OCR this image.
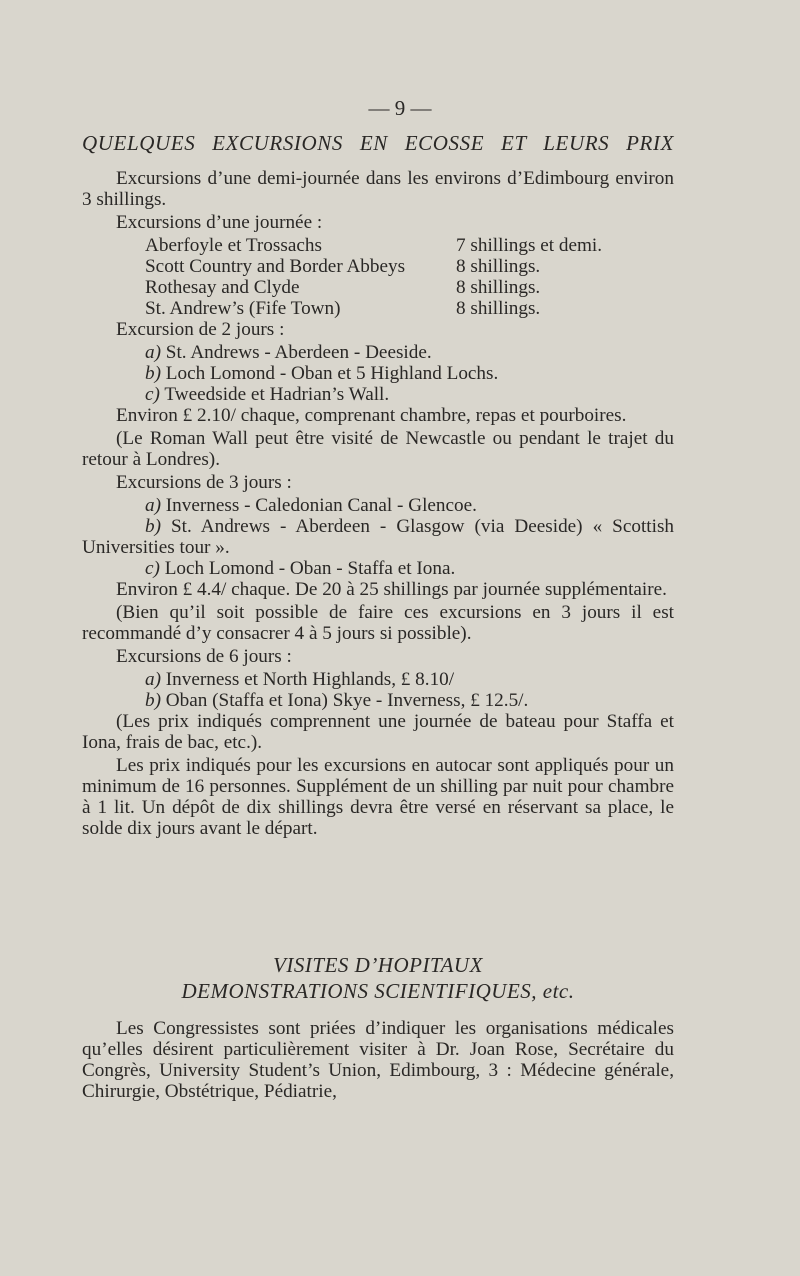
— 9 —
QUELQUES EXCURSIONS EN ECOSSE ET LEURS PRIX

Excursions d’une demi-journée dans les environs d’Edimbourg environ 3 shillings.

Excursions d’une journée :

Aberfoyle et Trossachs	7 shillings et demi.
Scott Country and Border Abbeys	8 shillings.
Rothesay and Clyde	8 shillings.
St. Andrew’s (Fife Town)	8 shillings.

Excursion de 2 jours :

a) St. Andrews - Aberdeen - Deeside.
b) Loch Lomond - Oban et 5 Highland Lochs.
c) Tweedside et Hadrian’s Wall.

Environ £ 2.10/ chaque, comprenant chambre, repas et pourboires.

(Le Roman Wall peut être visité de Newcastle ou pendant le trajet du retour à Londres).

Excursions de 3 jours :

a) Inverness - Caledonian Canal - Glencoe.
b) St. Andrews - Aberdeen - Glasgow (via Deeside) « Scottish Universities tour ».
c) Loch Lomond - Oban - Staffa et Iona.

Environ £ 4.4/ chaque. De 20 à 25 shillings par journée supplémentaire.

(Bien qu’il soit possible de faire ces excursions en 3 jours il est recommandé d’y consacrer 4 à 5 jours si possible).

Excursions de 6 jours :

a) Inverness et North Highlands, £ 8.10/
b) Oban (Staffa et Iona) Skye - Inverness, £ 12.5/.

(Les prix indiqués comprennent une journée de bateau pour Staffa et Iona, frais de bac, etc.).

Les prix indiqués pour les excursions en autocar sont appliqués pour un minimum de 16 personnes. Supplément de un shilling par nuit pour chambre à 1 lit. Un dépôt de dix shillings devra être versé en réservant sa place, le solde dix jours avant le départ.

VISITES D’HOPITAUX
DEMONSTRATIONS SCIENTIFIQUES, etc.

Les Congressistes sont priées d’indiquer les organisations médicales qu’elles désirent particulièrement visiter à Dr. Joan Rose, Secrétaire du Congrès, University Student’s Union, Edimbourg, 3 : Médecine générale, Chirurgie, Obstétrique, Pédiatrie,
